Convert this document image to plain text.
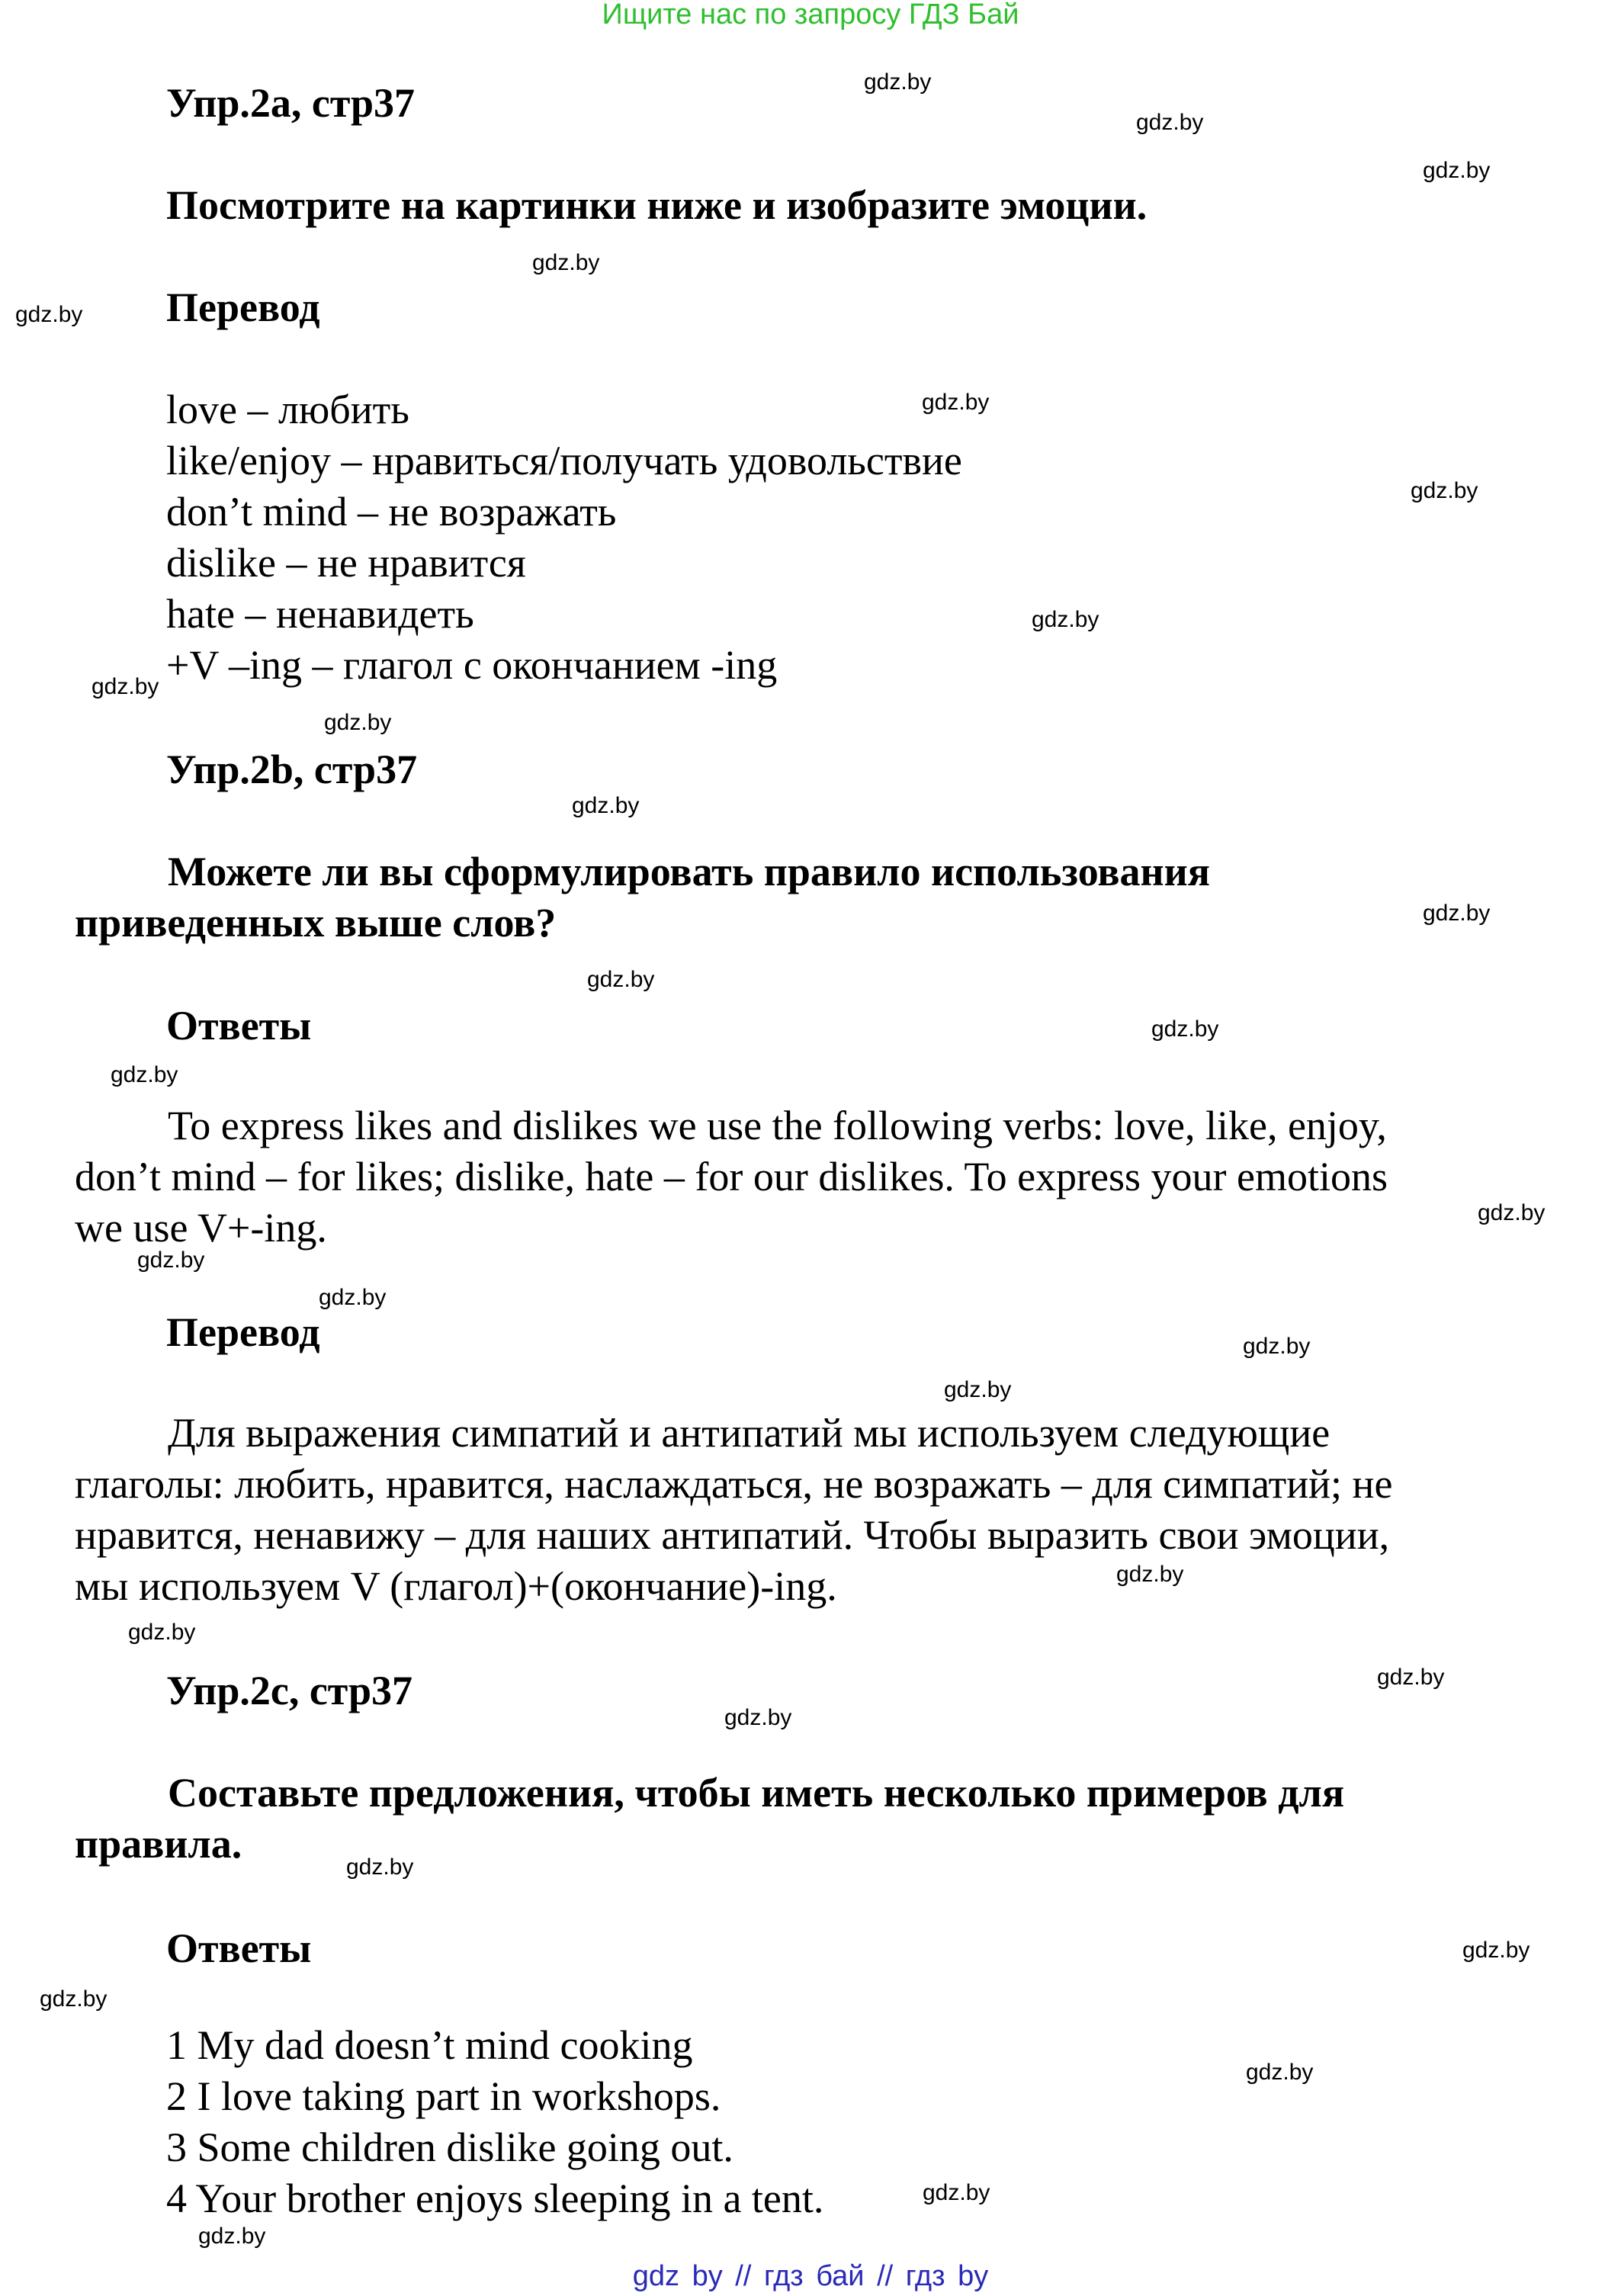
Ищите нас по запросу ГДЗ Бай
Упр.2a, стр37
Посмотрите на картинки ниже и изобразите эмоции.
Перевод
love – любить
like/enjoy – нравиться/получать удовольствие
don’t mind – не возражать
dislike – не нравится
hate – ненавидеть
+V –ing – глагол с окончанием -ing
Упр.2b, стр37
Можете ли вы сформулировать правило использования
приведенных выше слов?
Ответы
To express likes and dislikes we use the following verbs: love, like, enjoy,
don’t mind – for likes; dislike, hate – for our dislikes. To express your emotions
we use V+-ing.
Перевод
Для выражения симпатий и антипатий мы используем следующие
глаголы: любить, нравится, наслаждаться, не возражать – для симпатий; не
нравится, ненавижу – для наших антипатий. Чтобы выразить свои эмоции,
мы используем V (глагол)+(окончание)-ing.
Упр.2c, стр37
Составьте предложения, чтобы иметь несколько примеров для
правила.
Ответы
1 My dad doesn’t mind cooking
2 I love taking part in workshops.
3 Some children dislike going out.
4 Your brother enjoys sleeping in a tent.
gdz.by
gdz.by
gdz.by
gdz.by
gdz.by
gdz.by
gdz.by
gdz.by
gdz.by
gdz.by
gdz.by
gdz.by
gdz.by
gdz.by
gdz.by
gdz.by
gdz.by
gdz.by
gdz.by
gdz.by
gdz.by
gdz.by
gdz.by
gdz.by
gdz.by
gdz.by
gdz.by
gdz.by
gdz.by
gdz.by
gdz by // гдз бай // гдз by
